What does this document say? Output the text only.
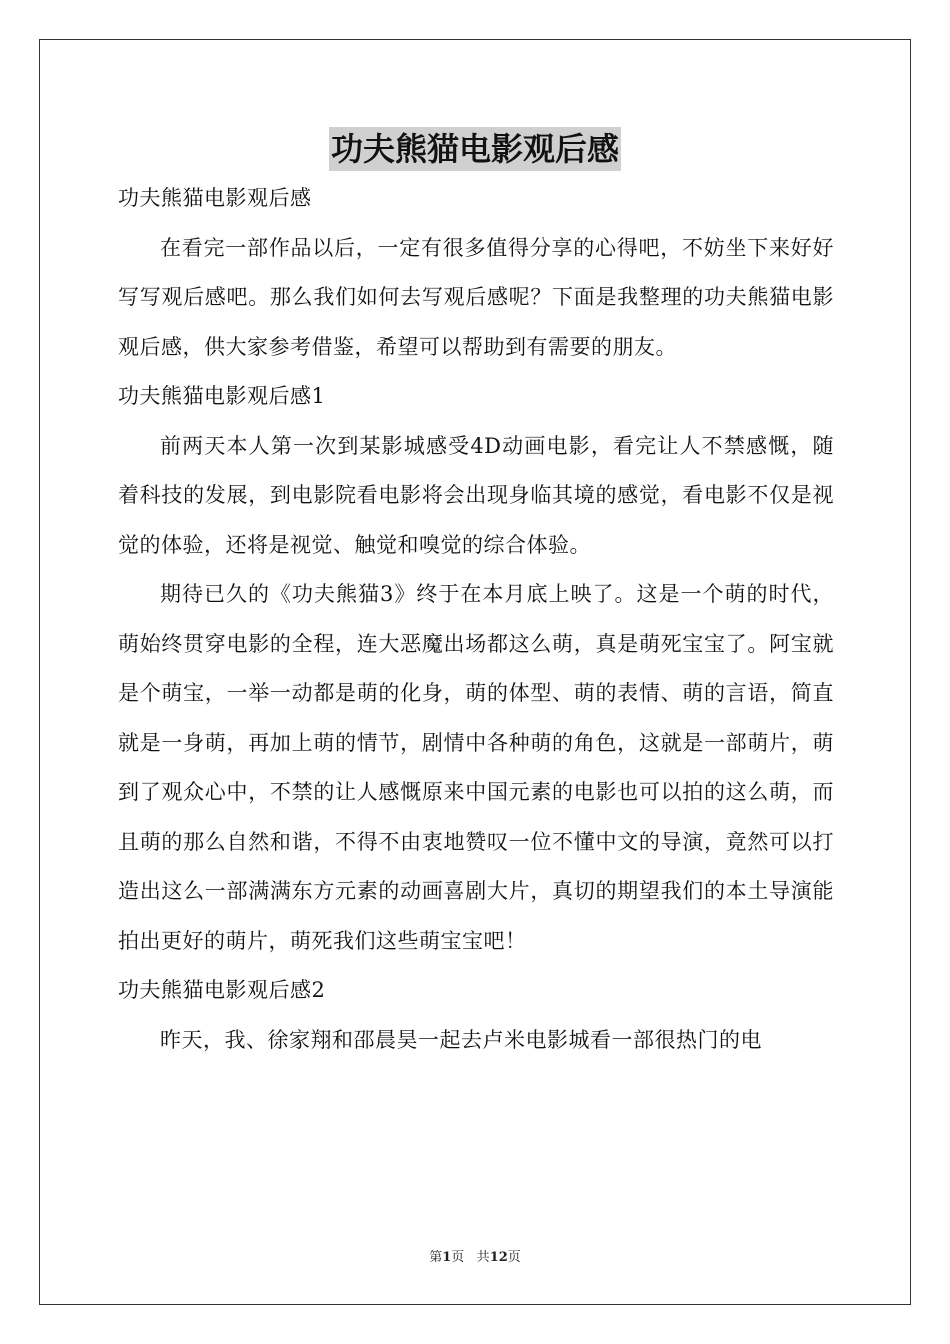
功夫熊猫电影观后感

功夫熊猫电影观后感

在看完一部作品以后，一定有很多值得分享的心得吧，不妨坐下来好好写写观后感吧。那么我们如何去写观后感呢？下面是我整理的功夫熊猫电影观后感，供大家参考借鉴，希望可以帮助到有需要的朋友。

功夫熊猫电影观后感1

前两天本人第一次到某影城感受4D动画电影，看完让人不禁感慨，随着科技的发展，到电影院看电影将会出现身临其境的感觉，看电影不仅是视觉的体验，还将是视觉、触觉和嗅觉的综合体验。

期待已久的《功夫熊猫3》终于在本月底上映了。这是一个萌的时代，萌始终贯穿电影的全程，连大恶魔出场都这么萌，真是萌死宝宝了。阿宝就是个萌宝，一举一动都是萌的化身，萌的体型、萌的表情、萌的言语，简直就是一身萌，再加上萌的情节，剧情中各种萌的角色，这就是一部萌片，萌到了观众心中，不禁的让人感慨原来中国元素的电影也可以拍的这么萌，而且萌的那么自然和谐，不得不由衷地赞叹一位不懂中文的导演，竟然可以打造出这么一部满满东方元素的动画喜剧大片，真切的期望我们的本土导演能拍出更好的萌片，萌死我们这些萌宝宝吧！

功夫熊猫电影观后感2

昨天，我、徐家翔和邵晨昊一起去卢米电影城看一部很热门的电

第1页 共12页
